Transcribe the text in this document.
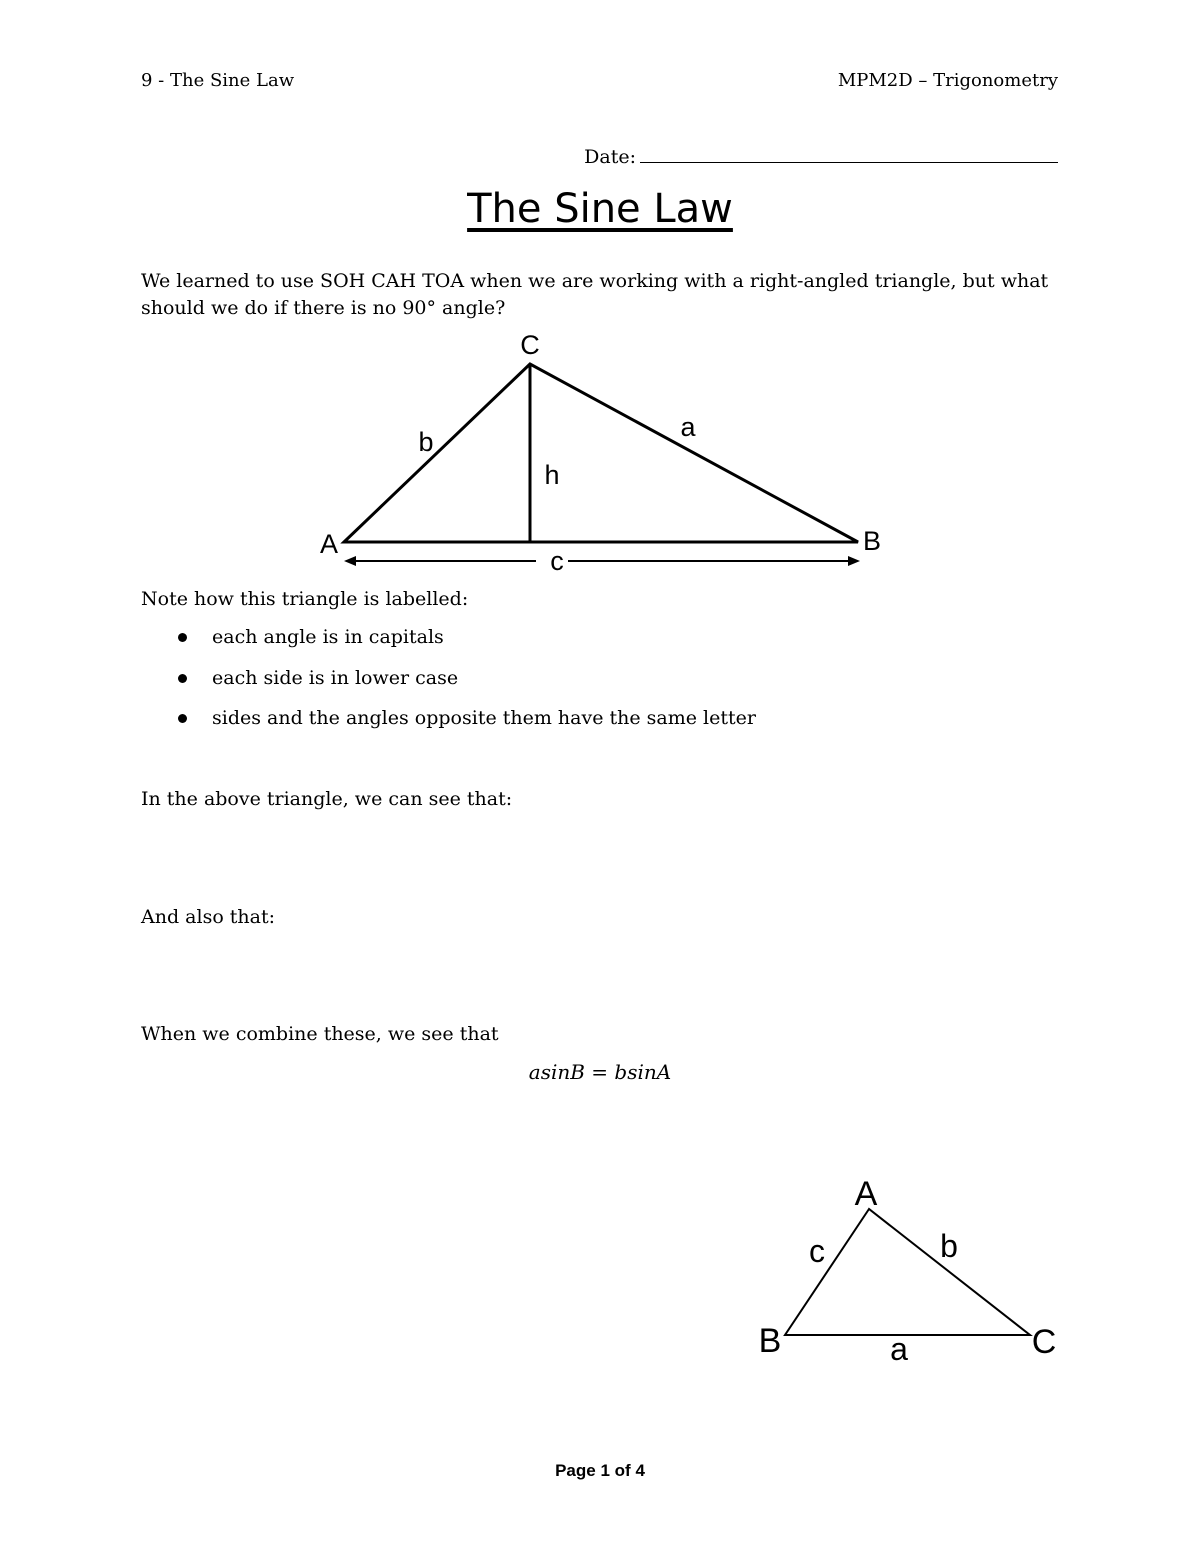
9 - The Sine Law	MPM2D – Trigonometry
Date:
The Sine Law
We learned to use SOH CAH TOA when we are working with a right-angled triangle, but what should we do if there is no 90° angle?
C
A	B
b	a
h
c
Note how this triangle is labelled:
each angle is in capitals
each side is in lower case
sides and the angles opposite them have the same letter
In the above triangle, we can see that:
And also that:
When we combine these, we see that
asinB = bsinA
A
B	C
c	b
a
Page 1 of 4
